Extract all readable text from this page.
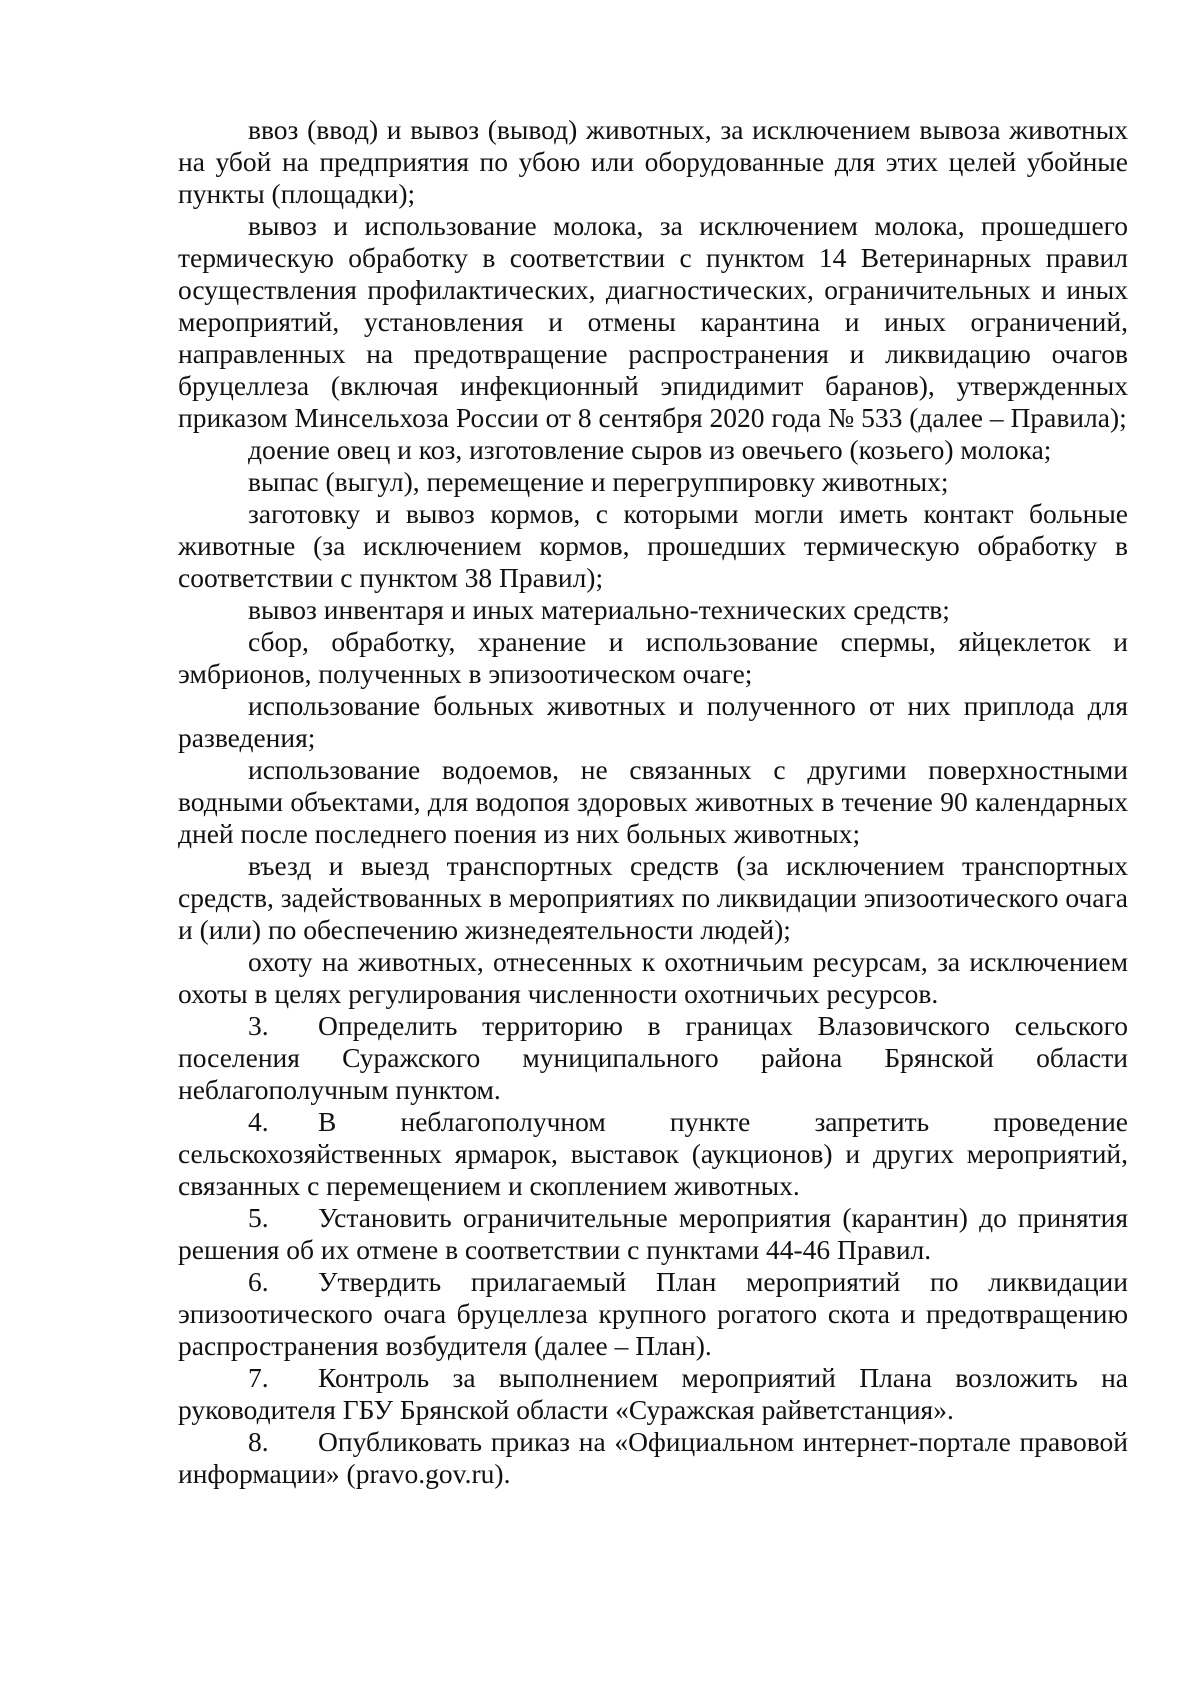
ввоз (ввод) и вывоз (вывод) животных, за исключением вывоза животных на убой на предприятия по убою или оборудованные для этих целей убойные пункты (площадки);

вывоз и использование молока, за исключением молока, прошедшего термическую обработку в соответствии с пунктом 14 Ветеринарных правил осуществления профилактических, диагностических, ограничительных и иных мероприятий, установления и отмены карантина и иных ограничений, направленных на предотвращение распространения и ликвидацию очагов бруцеллеза (включая инфекционный эпидидимит баранов), утвержденных приказом Минсельхоза России от 8 сентября 2020 года № 533 (далее – Правила);

доение овец и коз, изготовление сыров из овечьего (козьего) молока;

выпас (выгул), перемещение и перегруппировку животных;

заготовку и вывоз кормов, с которыми могли иметь контакт больные животные (за исключением кормов, прошедших термическую обработку в соответствии с пунктом 38 Правил);

вывоз инвентаря и иных материально-технических средств;

сбор, обработку, хранение и использование спермы, яйцеклеток и эмбрионов, полученных в эпизоотическом очаге;

использование больных животных и полученного от них приплода для разведения;

использование водоемов, не связанных с другими поверхностными водными объектами, для водопоя здоровых животных в течение 90 календарных дней после последнего поения из них больных животных;

въезд и выезд транспортных средств (за исключением транспортных средств, задействованных в мероприятиях по ликвидации эпизоотического очага и (или) по обеспечению жизнедеятельности людей);

охоту на животных, отнесенных к охотничьим ресурсам, за исключением охоты в целях регулирования численности охотничьих ресурсов.

3. Определить территорию в границах Влазовичского сельского поселения Суражского муниципального района Брянской области неблагополучным пунктом.

4. В неблагополучном пункте запретить проведение сельскохозяйственных ярмарок, выставок (аукционов) и других мероприятий, связанных с перемещением и скоплением животных.

5. Установить ограничительные мероприятия (карантин) до принятия решения об их отмене в соответствии с пунктами 44-46 Правил.

6. Утвердить прилагаемый План мероприятий по ликвидации эпизоотического очага бруцеллеза крупного рогатого скота и предотвращению распространения возбудителя (далее – План).

7. Контроль за выполнением мероприятий Плана возложить на руководителя ГБУ Брянской области «Суражская райветстанция».

8. Опубликовать приказ на «Официальном интернет-портале правовой информации» (pravo.gov.ru).
